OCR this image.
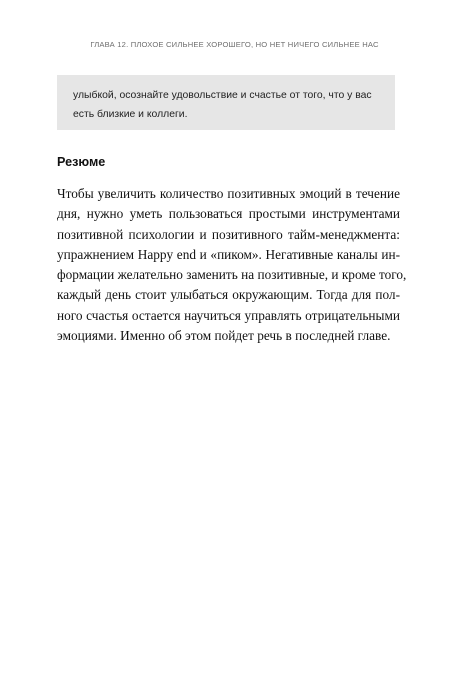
ГЛАВА 12. ПЛОХОЕ СИЛЬНЕЕ ХОРОШЕГО, НО НЕТ НИЧЕГО СИЛЬНЕЕ НАС

улыбкой, осознайте удовольствие и счастье от того, что у вас

есть близкие и коллеги.

Резюме
Чтобы увеличить количество позитивных эмоций в течение
дня, нужно уметь пользоваться простыми инструментами
позитивной психологии и позитивного тайм-менеджмента:
упражнением Happy end и «пиком». Негативные каналы ин-
формации желательно заменить на позитивные, и кроме того,
каждый день стоит улыбаться окружающим. Тогда для пол-
ного счастья остается научиться управлять отрицательными
эмоциями. Именно об этом пойдет речь в последней главе.
